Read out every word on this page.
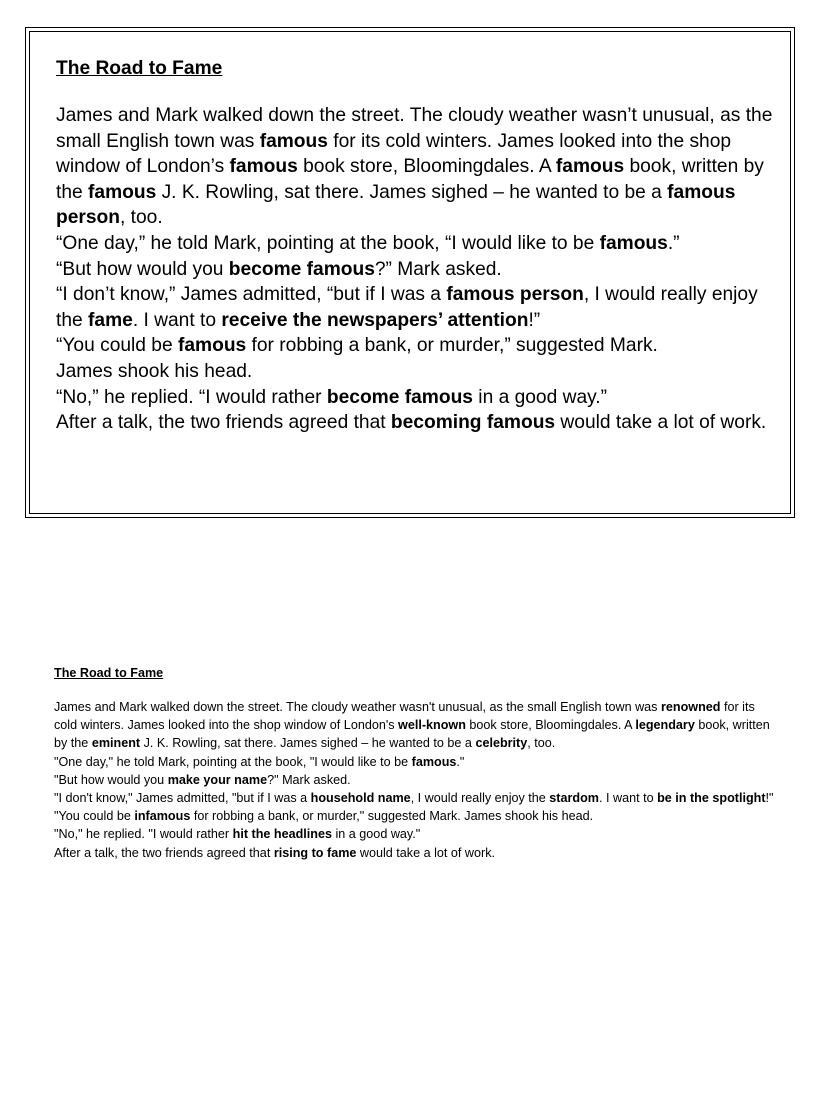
The Road to Fame

James and Mark walked down the street. The cloudy weather wasn’t unusual, as the small English town was famous for its cold winters. James looked into the shop window of London’s famous book store, Bloomingdales. A famous book, written by the famous J. K. Rowling, sat there. James sighed – he wanted to be a famous person, too.

“One day,” he told Mark, pointing at the book, “I would like to be famous.”

“But how would you become famous?” Mark asked.

“I don’t know,” James admitted, “but if I was a famous person, I would really enjoy the fame. I want to receive the newspapers’ attention!”

“You could be famous for robbing a bank, or murder,” suggested Mark.

James shook his head.

“No,” he replied. “I would rather become famous in a good way.”

After a talk, the two friends agreed that becoming famous would take a lot of work.

The Road to Fame

James and Mark walked down the street. The cloudy weather wasn't unusual, as the small English town was renowned for its cold winters. James looked into the shop window of London's well-known book store, Bloomingdales. A legendary book, written by the eminent J. K. Rowling, sat there. James sighed – he wanted to be a celebrity, too.

"One day," he told Mark, pointing at the book, "I would like to be famous."

"But how would you make your name?" Mark asked.

"I don't know," James admitted, "but if I was a household name, I would really enjoy the stardom. I want to be in the spotlight!"

"You could be infamous for robbing a bank, or murder," suggested Mark. James shook his head.

"No," he replied. "I would rather hit the headlines in a good way."

After a talk, the two friends agreed that rising to fame would take a lot of work.
